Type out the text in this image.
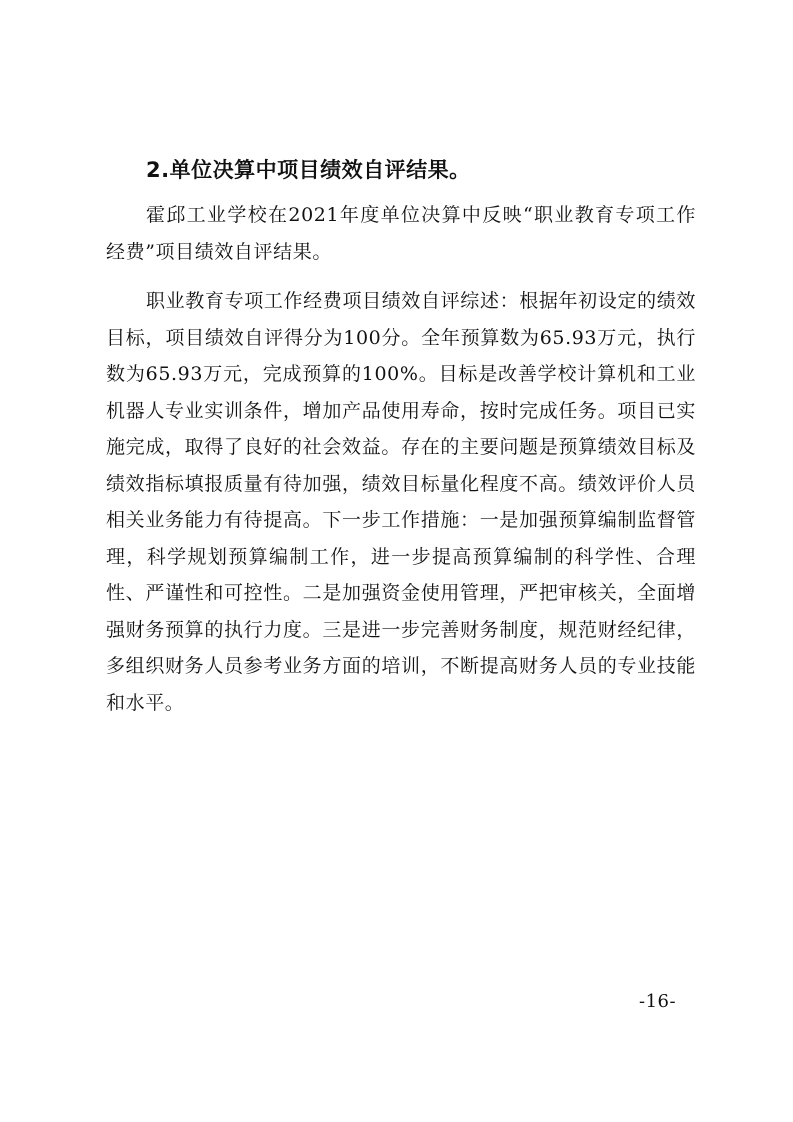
2.单位决算中项目绩效自评结果。

霍邱工业学校在2021年度单位决算中反映“职业教育专项工作经费”项目绩效自评结果。

职业教育专项工作经费项目绩效自评综述：根据年初设定的绩效目标，项目绩效自评得分为100分。全年预算数为65.93万元，执行数为65.93万元，完成预算的100%。目标是改善学校计算机和工业机器人专业实训条件，增加产品使用寿命，按时完成任务。项目已实施完成，取得了良好的社会效益。存在的主要问题是预算绩效目标及绩效指标填报质量有待加强，绩效目标量化程度不高。绩效评价人员相关业务能力有待提高。下一步工作措施：一是加强预算编制监督管理，科学规划预算编制工作，进一步提高预算编制的科学性、合理性、严谨性和可控性。二是加强资金使用管理，严把审核关，全面增强财务预算的执行力度。三是进一步完善财务制度，规范财经纪律，多组织财务人员参考业务方面的培训，不断提高财务人员的专业技能和水平。

-16-
